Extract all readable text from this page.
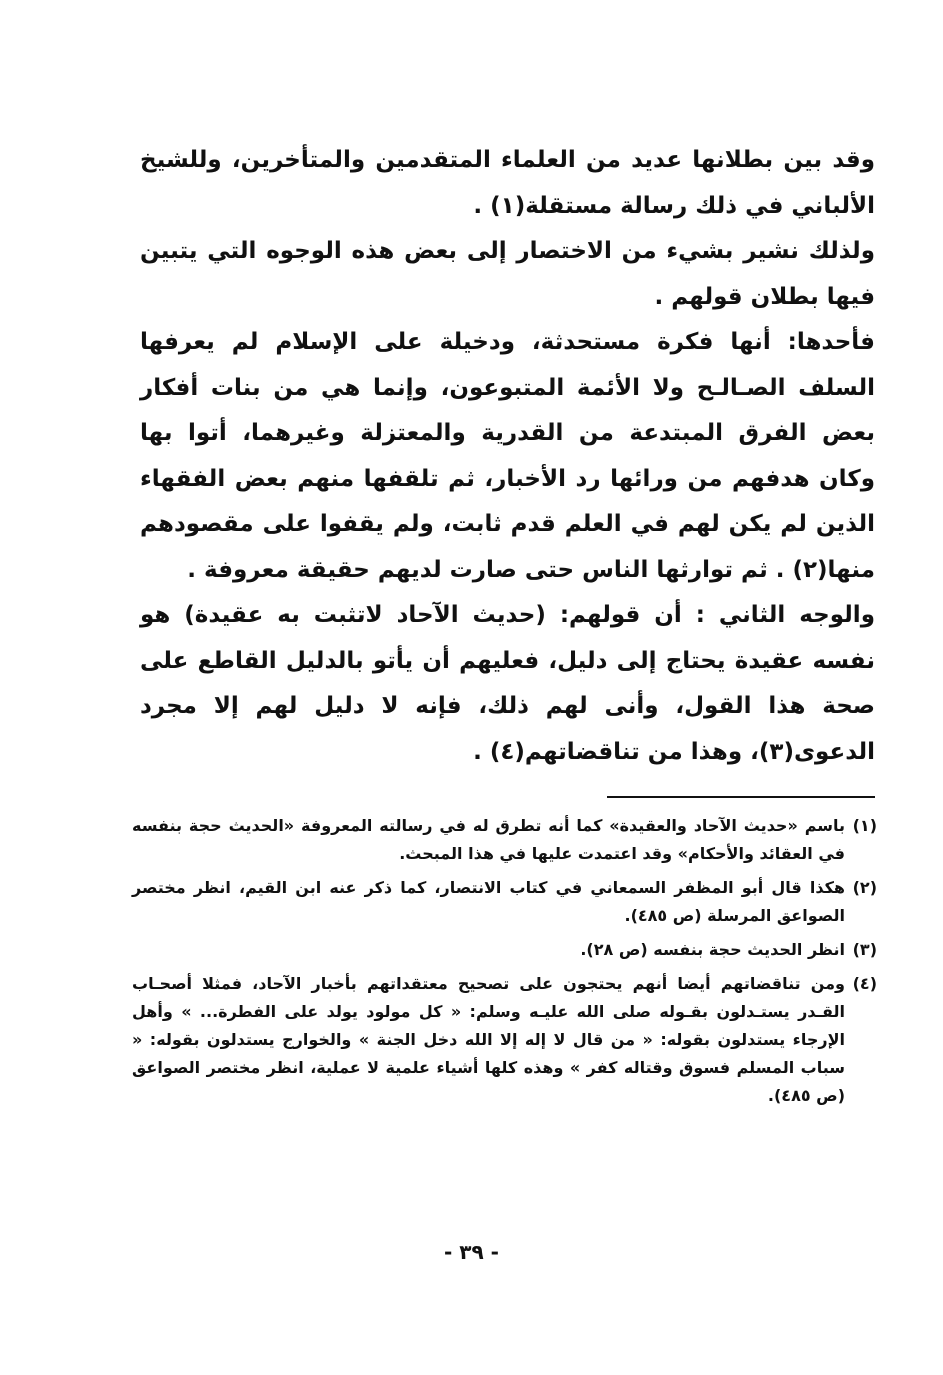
وقد بين بطلانها عديد من العلماء المتقدمين والمتأخرين، وللشيخ الألباني في ذلك رسالة مستقلة(١) .

ولذلك نشير بشيء من الاختصار إلى بعض هذه الوجوه التي يتبين فيها بطلان قولهم .

فأحدها: أنها فكرة مستحدثة، ودخيلة على الإسلام لم يعرفها السلف الصـالـح ولا الأئمة المتبوعون، وإنما هي من بنات أفكار بعض الفرق المبتدعة من القدرية والمعتزلة وغيرهما، أتوا بها وكان هدفهم من ورائها رد الأخبار، ثم تلقفها منهم بعض الفقهاء الذين لم يكن لهم في العلم قدم ثابت، ولم يقفوا على مقصودهم منها(٢) . ثم توارثها الناس حتى صارت لديهم حقيقة معروفة .

والوجه الثاني : أن قولهم: (حديث الآحاد لاتثبت به عقيدة) هو نفسه عقيدة يحتاج إلى دليل، فعليهم أن يأتو بالدليل القاطع على صحة هذا القول، وأنى لهم ذلك، فإنه لا دليل لهم إلا مجرد الدعوى(٣)، وهذا من تناقضاتهم(٤) .

(١)
باسم «حديث الآحاد والعقيدة» كما أنه تطرق له في رسالته المعروفة «الحديث حجة بنفسه في العقائد والأحكام» وقد اعتمدت عليها في هذا المبحث.
(٢)
هكذا قال أبو المظفر السمعاني في كتاب الانتصار، كما ذكر عنه ابن القيم، انظر مختصر الصواعق المرسلة (ص ٤٨٥).
(٣)
انظر الحديث حجة بنفسه (ص ٢٨).
(٤)
ومن تناقضاتهم أيضا أنهم يحتجون على تصحيح معتقداتهم بأخبار الآحاد، فمثلا أصحـاب القـدر يستـدلون بقـوله صلى الله عليـه وسلم: « كل مولود يولد على الفطرة... » وأهل الإرجاء يستدلون بقوله: « من قال لا إله إلا الله دخل الجنة » والخوارج يستدلون بقوله: « سباب المسلم فسوق وقتاله كفر » وهذه كلها أشياء علمية لا عملية، انظر مختصر الصواعق (ص ٤٨٥).
- ٣٩ -
